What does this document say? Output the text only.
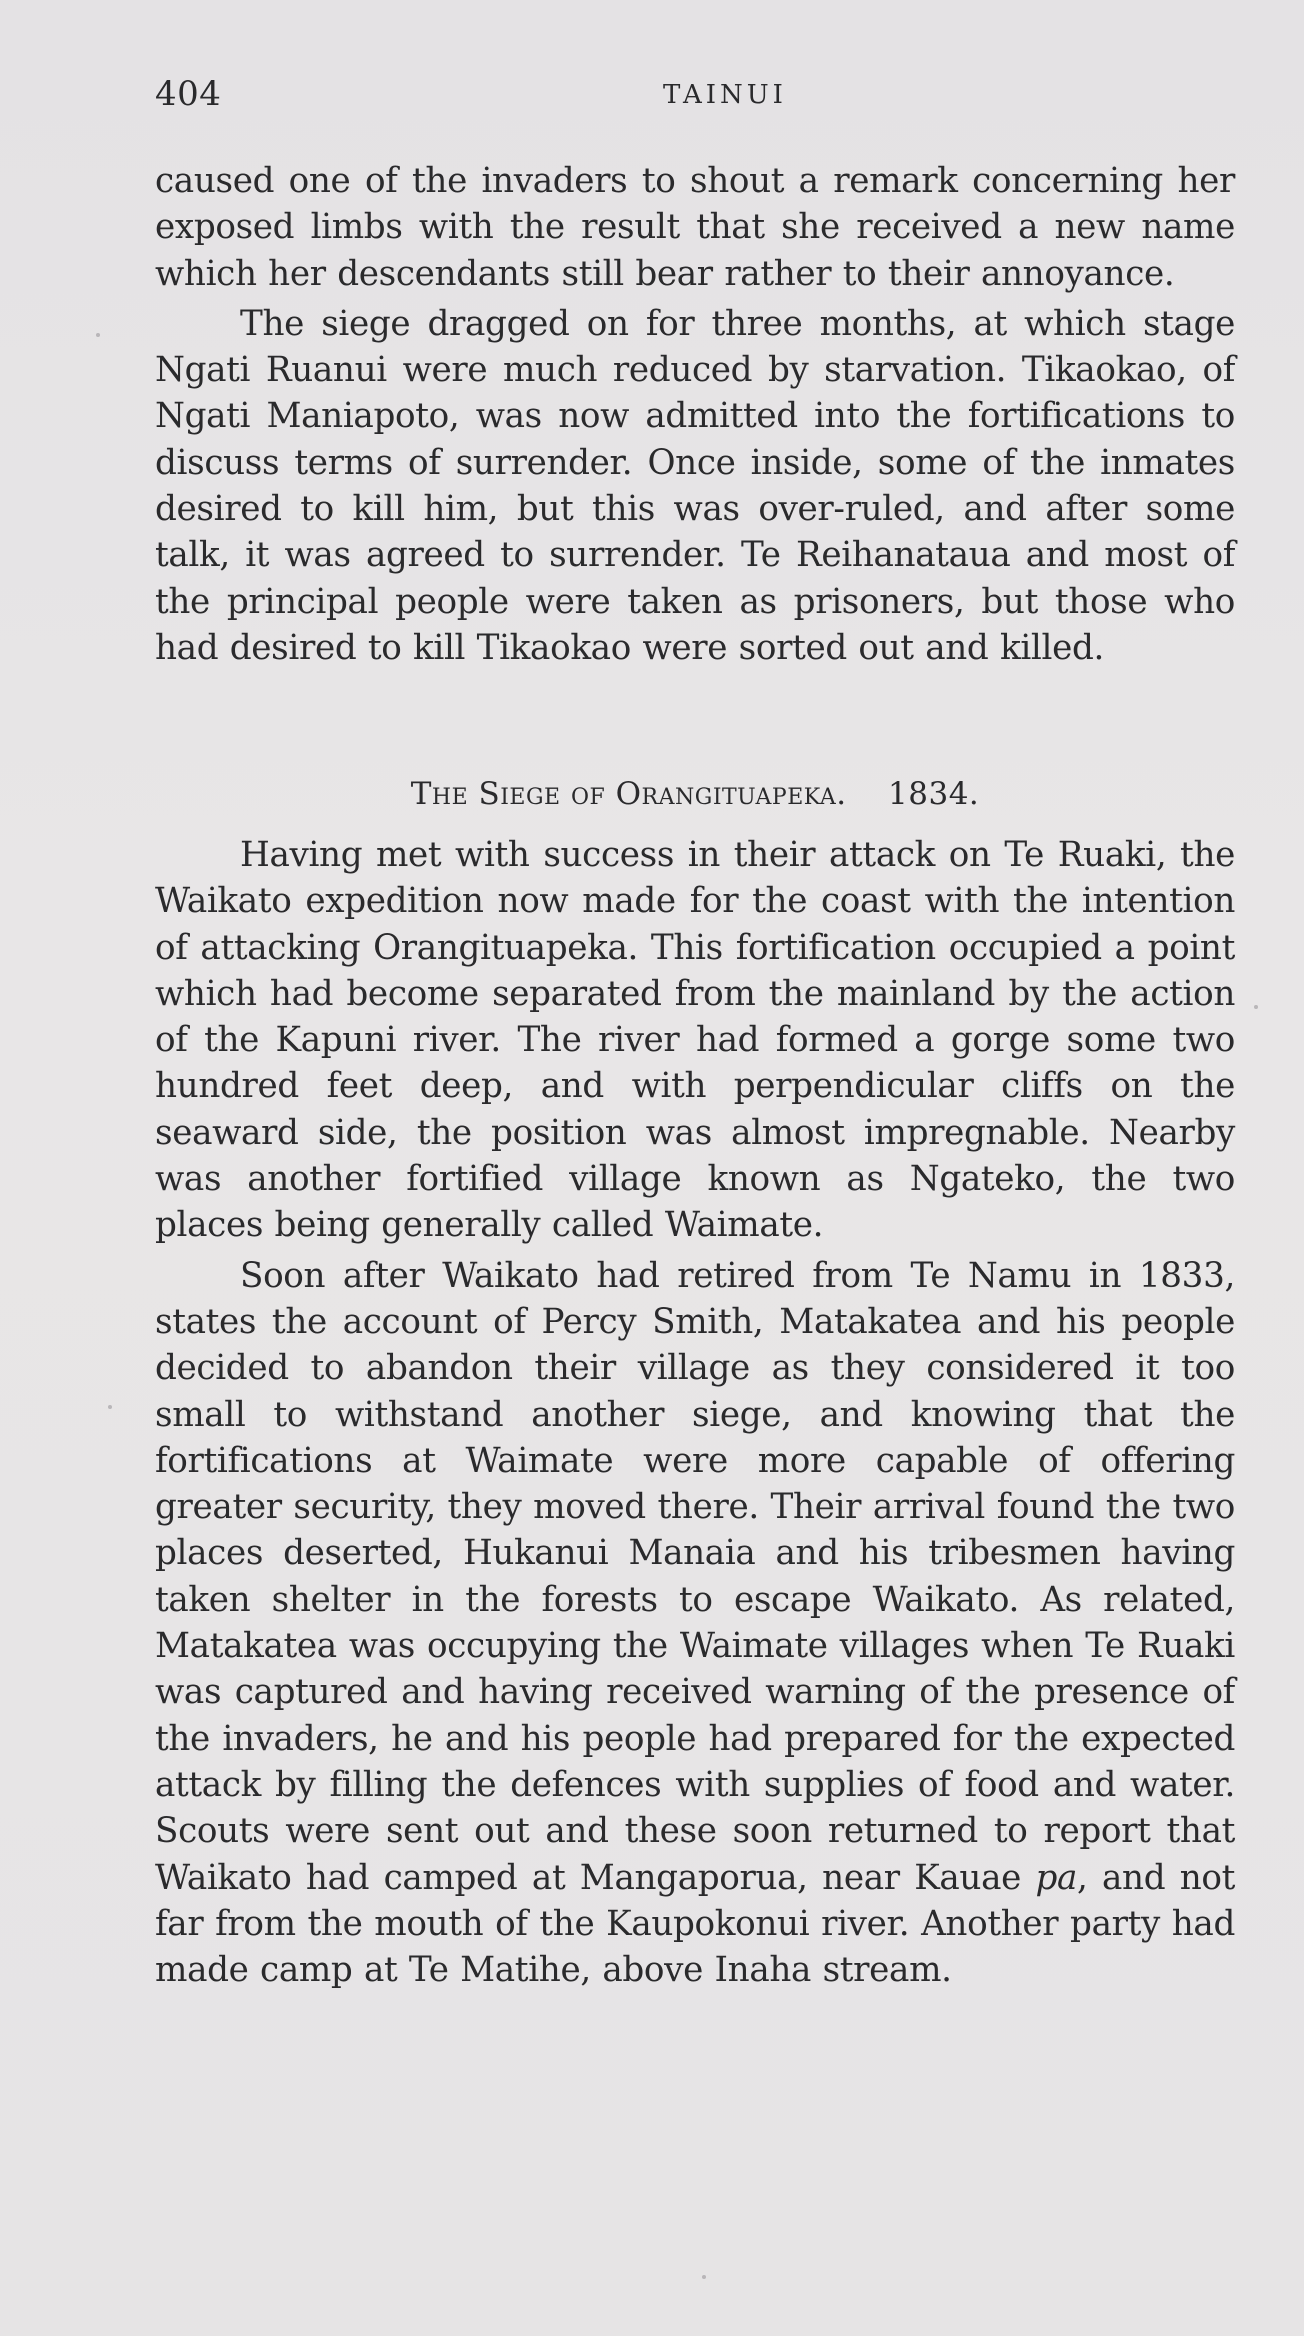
404	TAINUI

caused one of the invaders to shout a remark concerning her exposed limbs with the result that she received a new name which her descendants still bear rather to their annoyance.

The siege dragged on for three months, at which stage Ngati Ruanui were much reduced by starvation. Tikaokao, of Ngati Maniapoto, was now admitted into the fortifications to discuss terms of surrender. Once inside, some of the inmates desired to kill him, but this was over-ruled, and after some talk, it was agreed to surrender. Te Reihanataua and most of the principal people were taken as prisoners, but those who had desired to kill Tikaokao were sorted out and killed.

The Siege of Orangituapeka. 1834.

Having met with success in their attack on Te Ruaki, the Waikato expedition now made for the coast with the intention of attacking Orangituapeka. This fortification occupied a point which had become separated from the mainland by the action of the Kapuni river. The river had formed a gorge some two hundred feet deep, and with perpendicular cliffs on the seaward side, the position was almost impregnable. Nearby was another fortified village known as Ngateko, the two places being generally called Waimate.

Soon after Waikato had retired from Te Namu in 1833, states the account of Percy Smith, Matakatea and his people decided to abandon their village as they considered it too small to withstand another siege, and knowing that the fortifications at Waimate were more capable of offering greater security, they moved there. Their arrival found the two places deserted, Hukanui Manaia and his tribesmen having taken shelter in the forests to escape Waikato. As related, Matakatea was occupying the Waimate villages when Te Ruaki was captured and having received warning of the presence of the invaders, he and his people had prepared for the expected attack by filling the defences with supplies of food and water. Scouts were sent out and these soon returned to report that Waikato had camped at Mangaporua, near Kauae pa, and not far from the mouth of the Kaupokonui river. Another party had made camp at Te Matihe, above Inaha stream.
